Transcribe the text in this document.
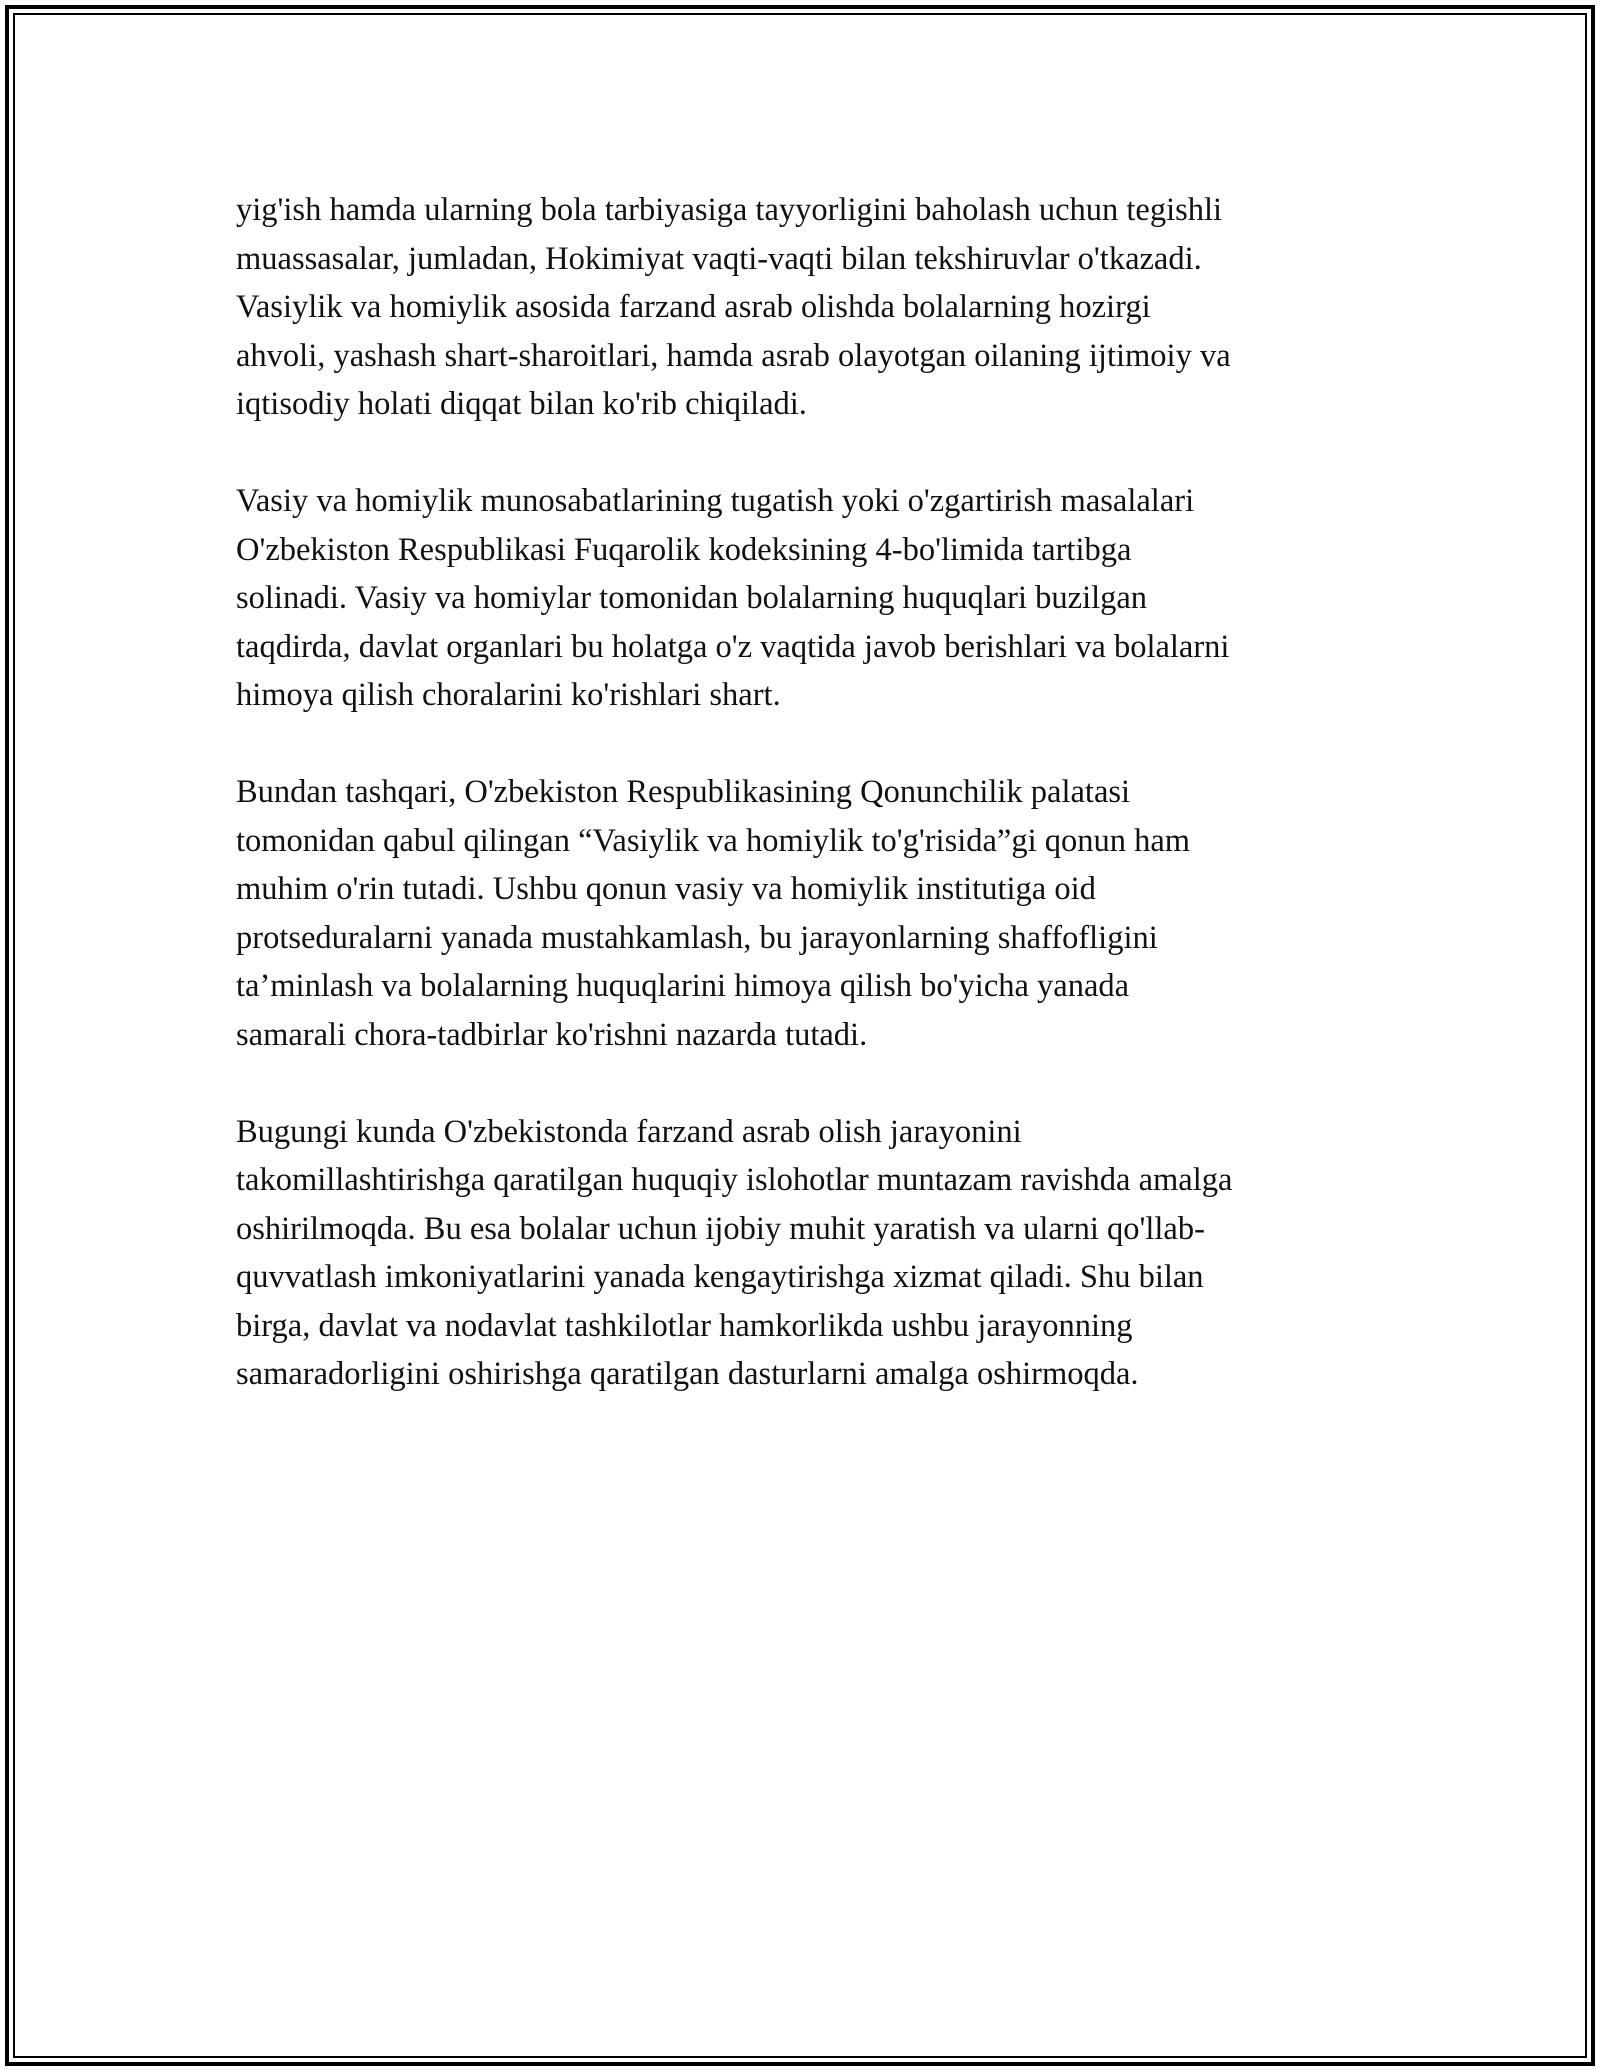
yig'ish hamda ularning bola tarbiyasiga tayyorligini baholash uchun tegishli
muassasalar, jumladan, Hokimiyat vaqti-vaqti bilan tekshiruvlar o'tkazadi.
Vasiylik va homiylik asosida farzand asrab olishda bolalarning hozirgi
ahvoli, yashash shart-sharoitlari, hamda asrab olayotgan oilaning ijtimoiy va
iqtisodiy holati diqqat bilan ko'rib chiqiladi.

Vasiy va homiylik munosabatlarining tugatish yoki o'zgartirish masalalari
O'zbekiston Respublikasi Fuqarolik kodeksining 4-bo'limida tartibga
solinadi. Vasiy va homiylar tomonidan bolalarning huquqlari buzilgan
taqdirda, davlat organlari bu holatga o'z vaqtida javob berishlari va bolalarni
himoya qilish choralarini ko'rishlari shart.

Bundan tashqari, O'zbekiston Respublikasining Qonunchilik palatasi
tomonidan qabul qilingan “Vasiylik va homiylik to'g'risida”gi qonun ham
muhim o'rin tutadi. Ushbu qonun vasiy va homiylik institutiga oid
protseduralarni yanada mustahkamlash, bu jarayonlarning shaffofligini
ta’minlash va bolalarning huquqlarini himoya qilish bo'yicha yanada
samarali chora-tadbirlar ko'rishni nazarda tutadi.

Bugungi kunda O'zbekistonda farzand asrab olish jarayonini
takomillashtirishga qaratilgan huquqiy islohotlar muntazam ravishda amalga
oshirilmoqda. Bu esa bolalar uchun ijobiy muhit yaratish va ularni qo'llab-
quvvatlash imkoniyatlarini yanada kengaytirishga xizmat qiladi. Shu bilan
birga, davlat va nodavlat tashkilotlar hamkorlikda ushbu jarayonning
samaradorligini oshirishga qaratilgan dasturlarni amalga oshirmoqda.
